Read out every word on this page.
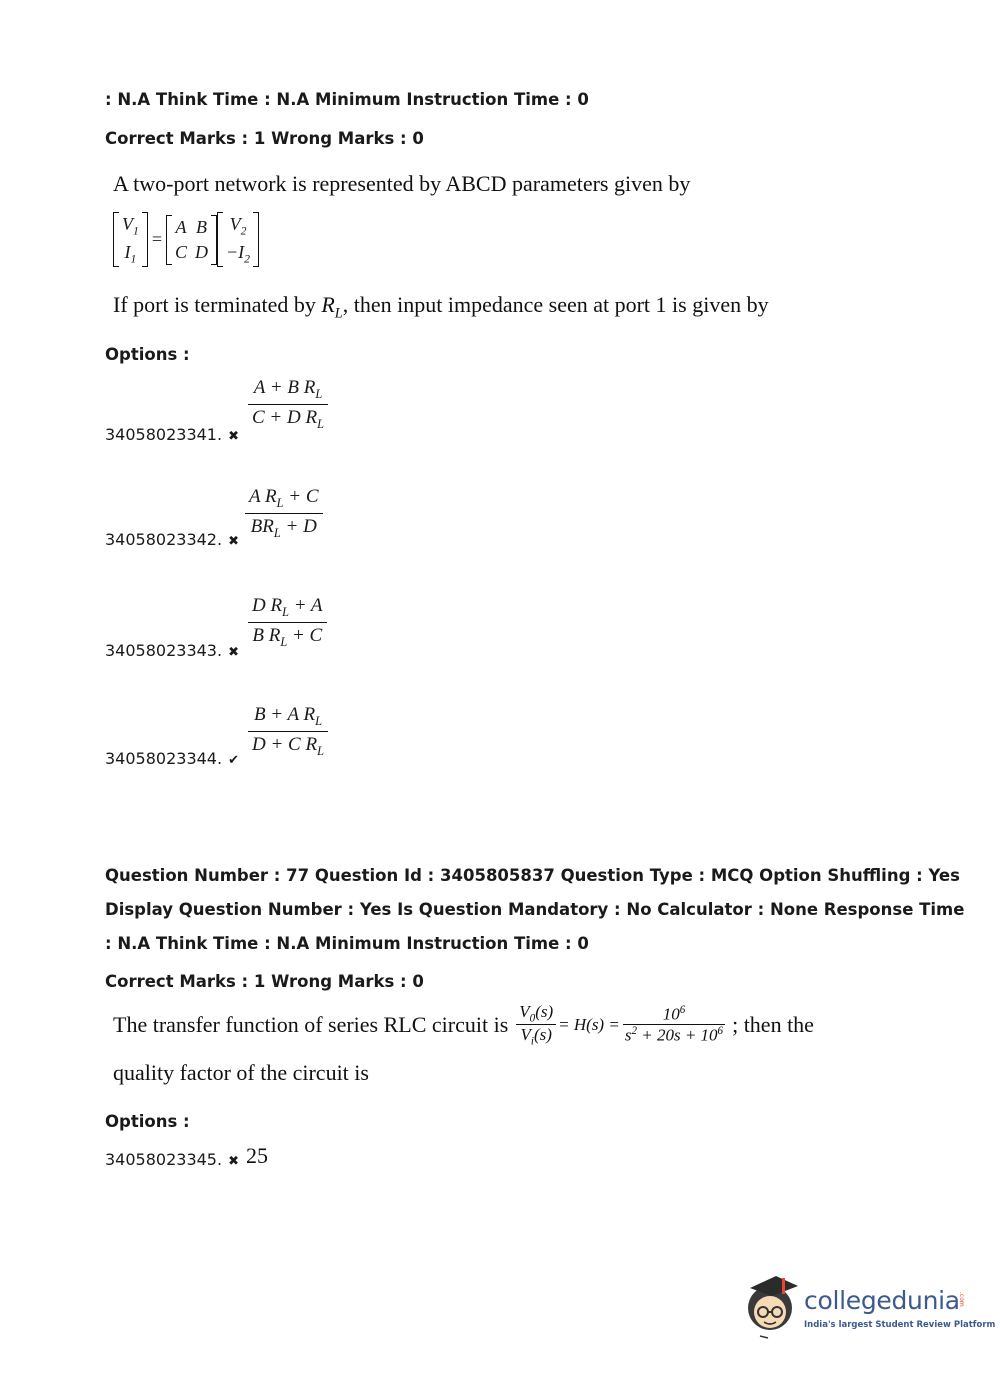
: N.A Think Time : N.A Minimum Instruction Time : 0
Correct Marks : 1 Wrong Marks : 0
A two-port network is represented by ABCD parameters given by
$V_1$
$I_1$
=
A B
C D
$V_2$
$-I_2$
If port is terminated by $R_L$, then input impedance seen at port 1 is given by
Options :
$\frac{A + B R_L}{C + D R_L}$
34058023341. ✖
A $R_L + C$
$BR_L + D$
34058023342. ✖
$\frac{D R_L + A}{B R_L + C}$
34058023343. ✖
$\frac{B + A R_L}{D + C R_L}$
34058023344. ✔
Question Number : 77 Question Id : 3405805837 Question Type : MCQ Option Shuffling : Yes
Display Question Number : Yes Is Question Mandatory : No Calculator : None Response Time
: N.A Think Time : N.A Minimum Instruction Time : 0
Correct Marks : 1 Wrong Marks : 0
The transfer function of series RLC circuit is $\frac{V_0(s)}{V_i(s)} = H(s) = \frac{10^6}{s^2 + 20s + 10^6}$ ; then the
quality factor of the circuit is
Options :
34058023345. ✖ 25
collegedunia
.com
India's largest Student Review Platform
